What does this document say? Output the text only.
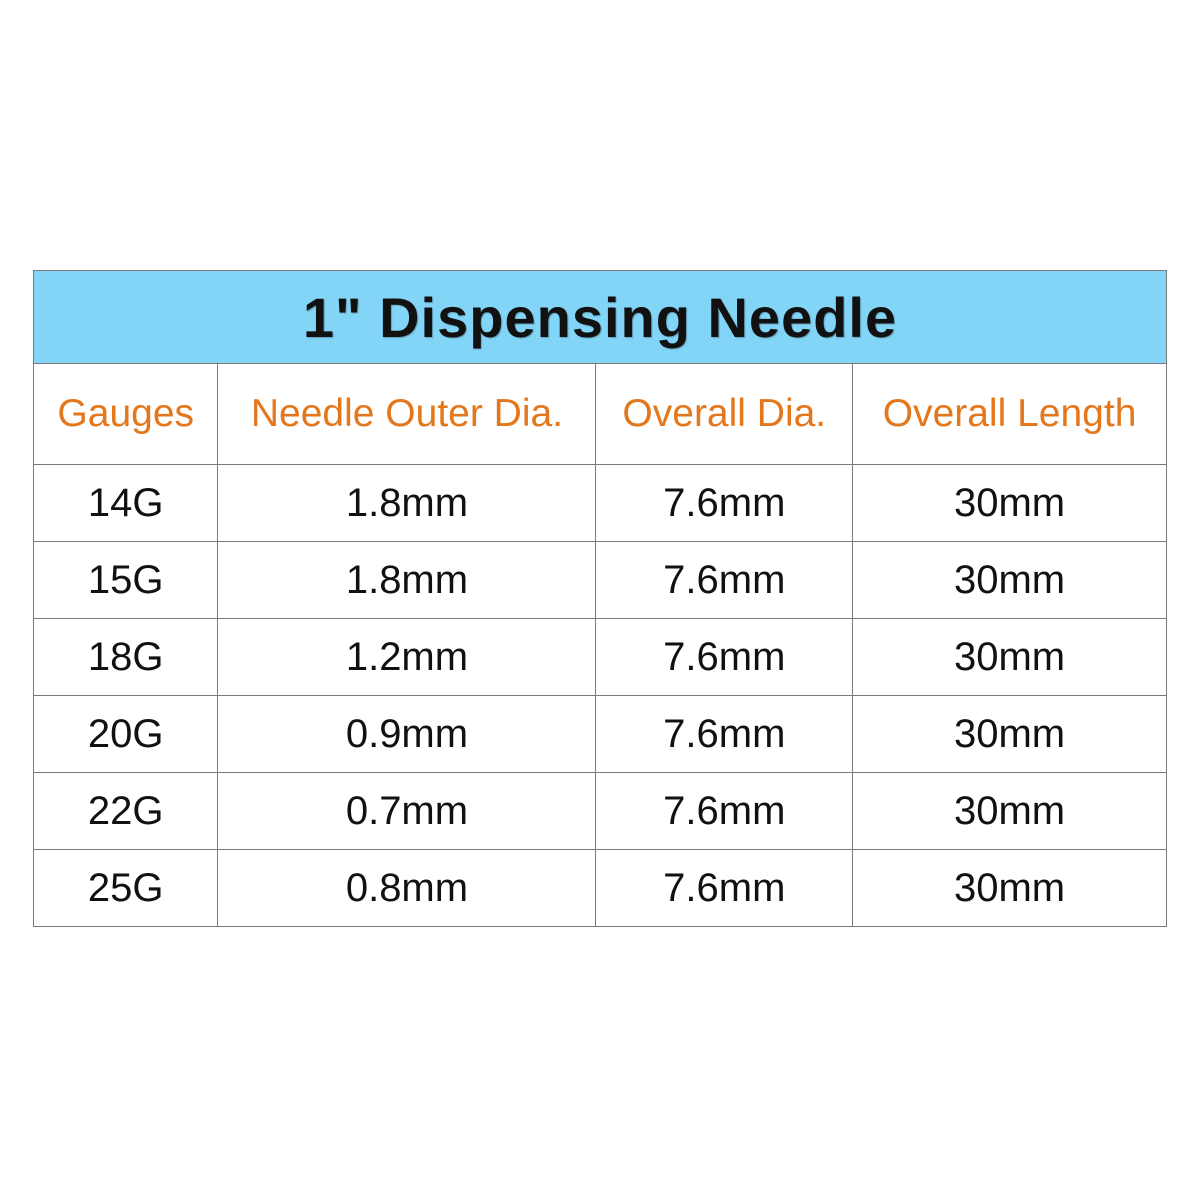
1" Dispensing Needle			
Gauges	Needle Outer Dia.	Overall Dia.	Overall Length
14G	1.8mm	7.6mm	30mm
15G	1.8mm	7.6mm	30mm
18G	1.2mm	7.6mm	30mm
20G	0.9mm	7.6mm	30mm
22G	0.7mm	7.6mm	30mm
25G	0.8mm	7.6mm	30mm
